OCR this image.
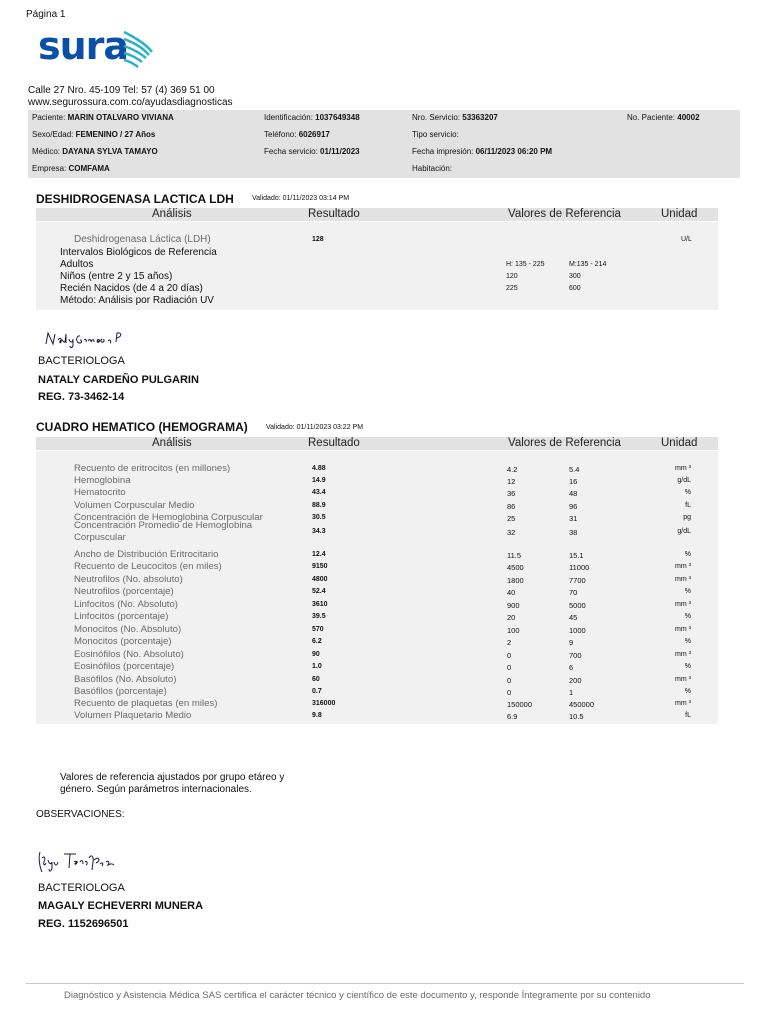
Página 1
sura
Calle 27 Nro. 45-109 Tel: 57 (4) 369 51 00
www.segurossura.com.co/ayudasdiagnosticas
Paciente: MARIN OTALVARO VIVIANA	Identificación: 1037649348	Nro. Servicio: 53363207	No. Paciente: 40002
Sexo/Edad: FEMENINO / 27 Años	Teléfono: 6026917	Tipo servicio:
Médico: DAYANA SYLVA TAMAYO	Fecha servicio: 01/11/2023	Fecha impresión: 06/11/2023 06:20 PM
Empresa: COMFAMA	Habitación:
DESHIDROGENASA LACTICA LDH	Validado: 01/11/2023 03:14 PM
Análisis	Resultado	Valores de Referencia	Unidad
Deshidrogenasa Láctica (LDH)	128	U/L
Intervalos Biológicos de Referencia
Adultos	H: 135 - 225	M:135 - 214
Niños (entre 2 y 15 años)	120	300
Recién Nacidos (de 4 a 20 días)	225	600
Método: Análisis por Radiación UV
BACTERIOLOGA
NATALY CARDEÑO PULGARIN
REG. 73-3462-14
CUADRO HEMATICO (HEMOGRAMA)	Validado: 01/11/2023 03:22 PM
Análisis	Resultado	Valores de Referencia	Unidad
Recuento de eritrocitos (en millones)	4.88	4.2	5.4	mm ³
Hemoglobina	14.9	12	16	g/dL
Hematocrito	43.4	36	48	%
Volumen Corpuscular Medio	88.9	86	96	fL
Concentración de Hemoglobina Corpuscular	30.5	25	31	pg
Concentración Promedio de Hemoglobina
Corpuscular
34.3	32	38	g/dL
Ancho de Distribución Eritrocitario	12.4	11.5	15.1	%
Recuento de Leucocitos (en miles)	9150	4500	11000	mm ³
Neutrofilos (No. absoluto)	4800	1800	7700	mm ³
Neutrofilos (porcentaje)	52.4	40	70	%
Linfocitos (No. Absoluto)	3610	900	5000	mm ³
Linfocitos (porcentaje)	39.5	20	45	%
Monocitos (No. Absoluto)	570	100	1000	mm ³
Monocitos (porcentaje)	6.2	2	9	%
Eosinófilos (No. Absoluto)	90	0	700	mm ³
Eosinófilos (porcentaje)	1.0	0	6	%
Basófilos (No. Absoluto)	60	0	200	mm ³
Basófilos (porcentaje)	0.7	0	1	%
Recuento de plaquetas (en miles)	316000	150000	450000	mm ³
Volumen Plaquetario Medio	9.8	6.9	10.5	fL
Valores de referencia ajustados por grupo etáreo y
género. Según parámetros internacionales.
OBSERVACIONES:
BACTERIOLOGA
MAGALY ECHEVERRI MUNERA
REG. 1152696501
Diagnóstico y Asistencia Médica SAS certifica el carácter técnico y científico de este documento y, responde Íntegramente por su contenido
